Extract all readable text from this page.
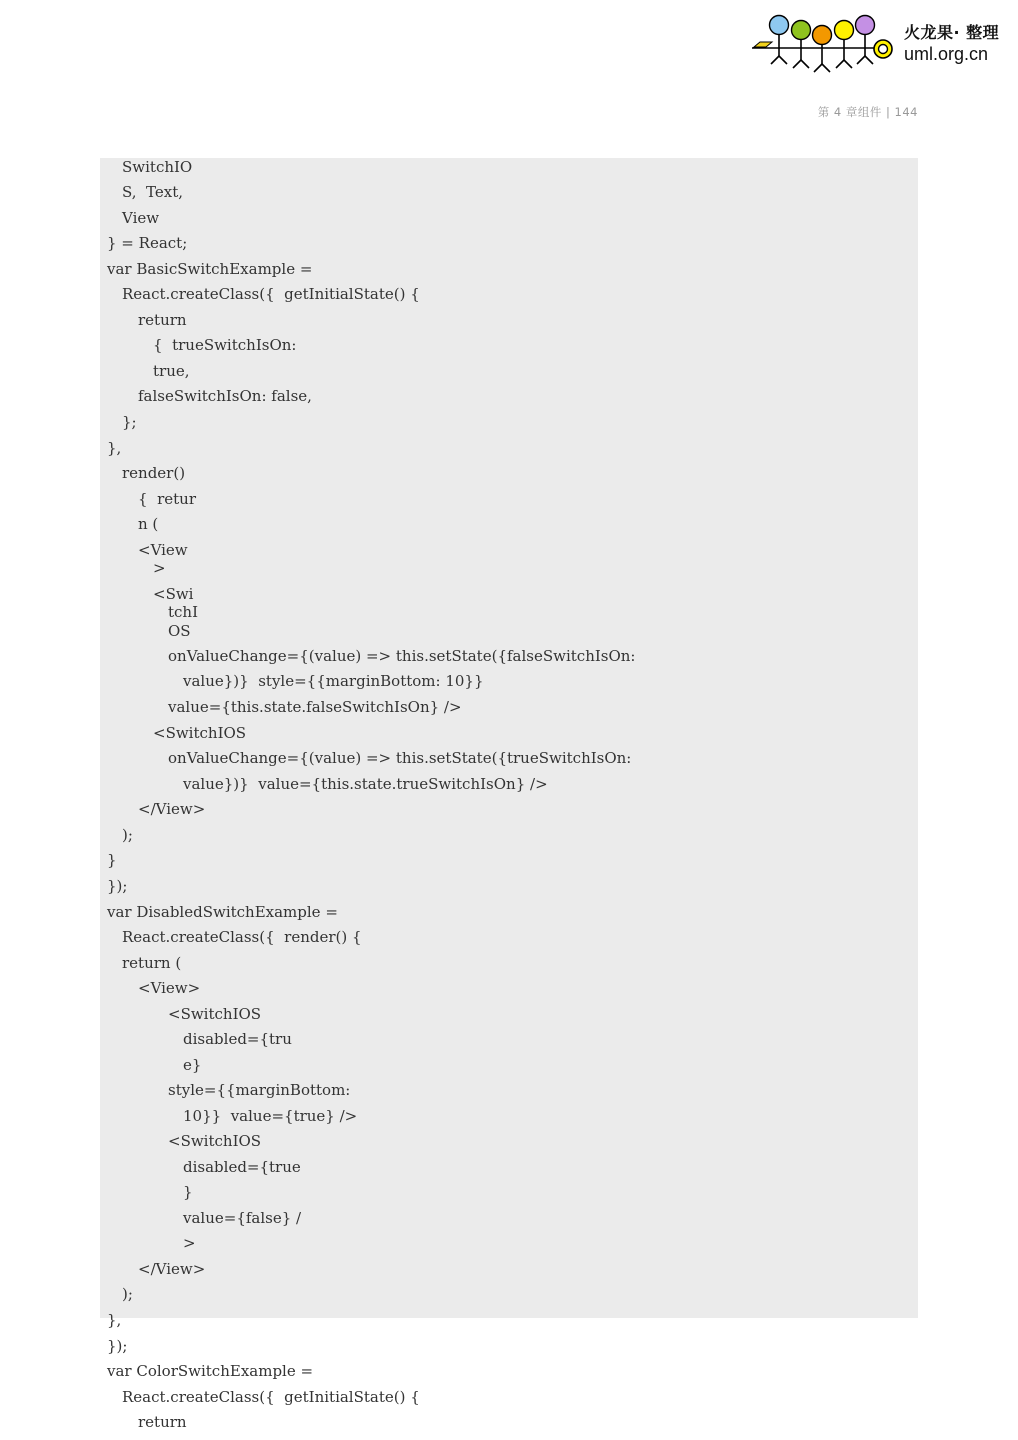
火龙果· 整理
uml.org.cn
第 4 章组件 | 144
SwitchIO
S,  Text,
View
} = React;
var BasicSwitchExample =
React.createClass({  getInitialState() {
return
{  trueSwitchIsOn:
true,
falseSwitchIsOn: false,
};
},
render()
{  retur
n (
<View
>
<Swi
tchI
OS
onValueChange={(value) => this.setState({falseSwitchIsOn:
value})}  style={{marginBottom: 10}}
value={this.state.falseSwitchIsOn} />
<SwitchIOS
onValueChange={(value) => this.setState({trueSwitchIsOn:
value})}  value={this.state.trueSwitchIsOn} />
</View>
);
}
});
var DisabledSwitchExample =
React.createClass({  render() {
return (
<View>
<SwitchIOS
disabled={tru
e}
style={{marginBottom:
10}}  value={true} />
<SwitchIOS
disabled={true
}
value={false} /
>
</View>
);
},
});
var ColorSwitchExample =
React.createClass({  getInitialState() {
return
